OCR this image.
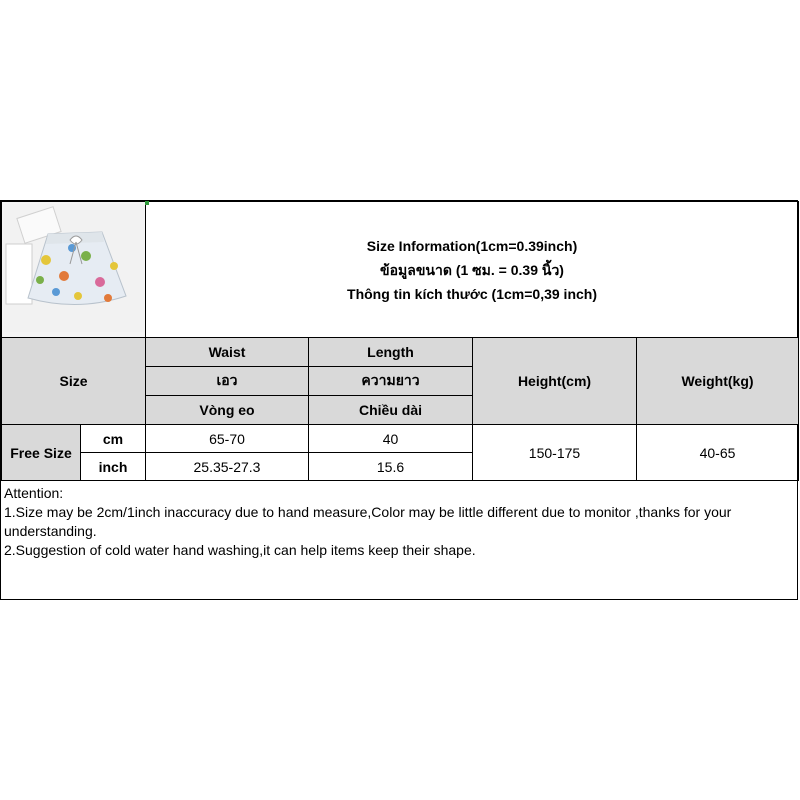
Size Information(1cm=0.39inch)
ข้อมูลขนาด (1 ซม. = 0.39 นิ้ว)
Thông tin kích thước (1cm=0,39 inch)			

Size		Waist	Length	Height(cm)	Weight(kg)
		เอว	ความยาว		
		Vòng eo	Chiều dài		
Free Size	cm	65-70	40	150-175	40-65
	inch	25.35-27.3	15.6		
Attention:
1.Size may be 2cm/1inch inaccuracy due to hand measure,Color may be little different due to monitor ,thanks for your understanding.
2.Suggestion of cold water hand washing,it can help items keep their shape.
